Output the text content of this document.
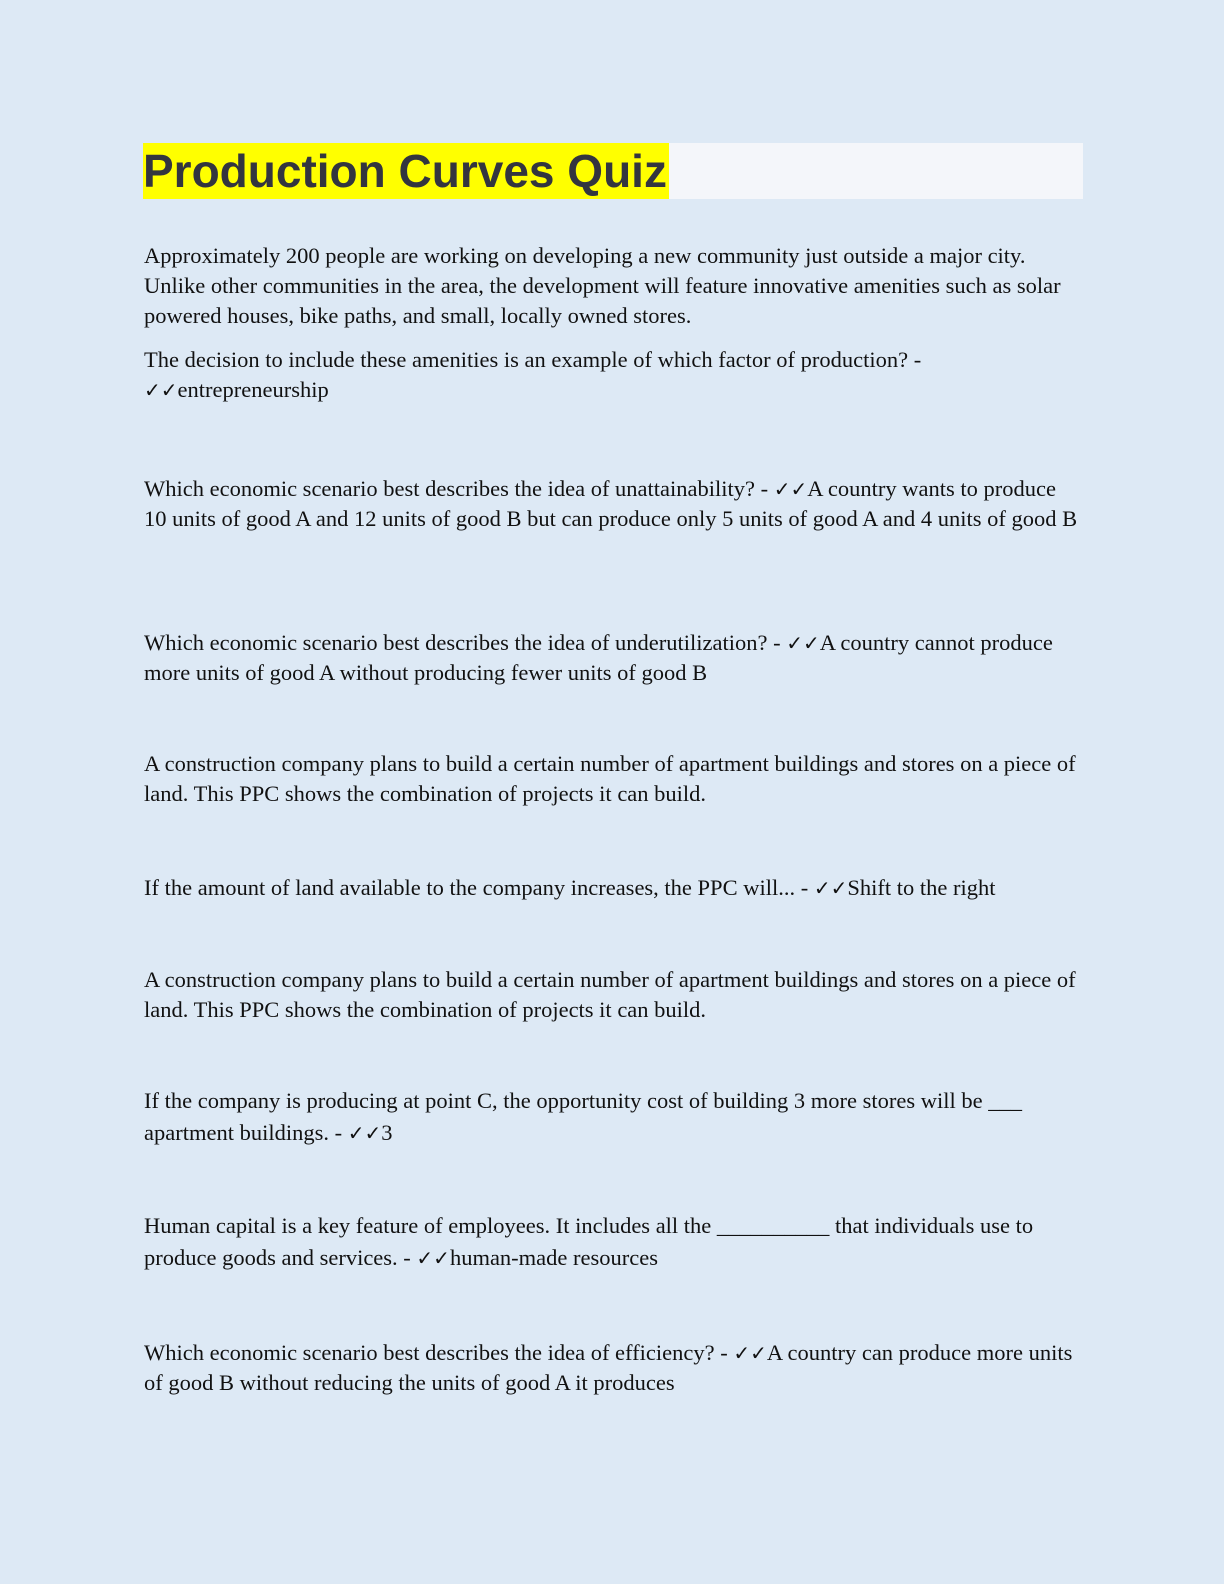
Production Curves Quiz

Approximately 200 people are working on developing a new community just outside a major city. Unlike other communities in the area, the development will feature innovative amenities such as solar powered houses, bike paths, and small, locally owned stores.

The decision to include these amenities is an example of which factor of production? -
✓✓entrepreneurship

Which economic scenario best describes the idea of unattainability? - ✓✓A country wants to produce 10 units of good A and 12 units of good B but can produce only 5 units of good A and 4 units of good B

Which economic scenario best describes the idea of underutilization? - ✓✓A country cannot produce more units of good A without producing fewer units of good B

A construction company plans to build a certain number of apartment buildings and stores on a piece of land. This PPC shows the combination of projects it can build.

If the amount of land available to the company increases, the PPC will... - ✓✓Shift to the right

A construction company plans to build a certain number of apartment buildings and stores on a piece of land. This PPC shows the combination of projects it can build.

If the company is producing at point C, the opportunity cost of building 3 more stores will be ___ apartment buildings. - ✓✓3

Human capital is a key feature of employees. It includes all the __________ that individuals use to produce goods and services. - ✓✓human-made resources

Which economic scenario best describes the idea of efficiency? - ✓✓A country can produce more units of good B without reducing the units of good A it produces
